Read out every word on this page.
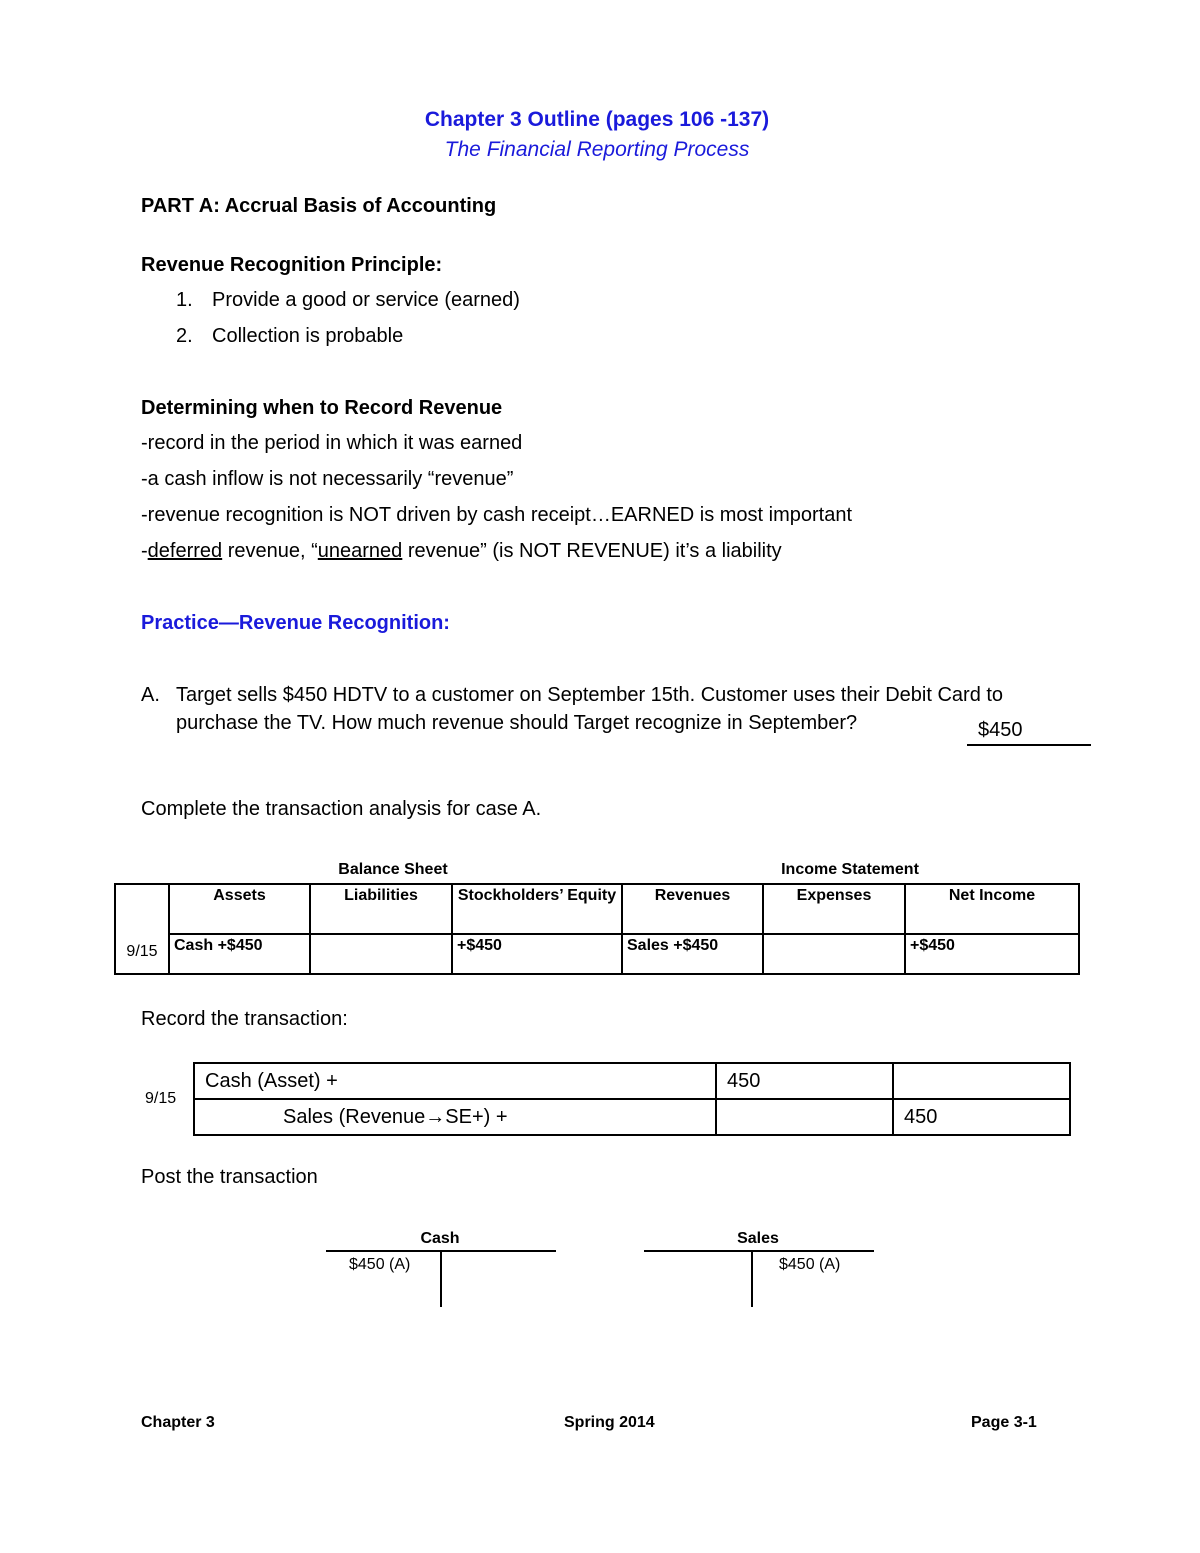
Chapter 3 Outline (pages 106 -137)
The Financial Reporting Process
PART A: Accrual Basis of Accounting
Revenue Recognition Principle:
1. Provide a good or service (earned)
2. Collection is probable
Determining when to Record Revenue
-record in the period in which it was earned
-a cash inflow is not necessarily “revenue”
-revenue recognition is NOT driven by cash receipt…EARNED is most important
-deferred revenue, “unearned revenue” (is NOT REVENUE) it’s a liability
Practice—Revenue Recognition:
A. Target sells $450 HDTV to a customer on September 15th. Customer uses their Debit Card to
purchase the TV. How much revenue should Target recognize in September?	$450
Complete the transaction analysis for case A.
Balance Sheet	Income Statement
9/15	Assets	Liabilities	Stockholders’ Equity	Revenues	Expenses	Net Income
	Cash +$450		+$450	Sales +$450		+$450
Record the transaction:
9/15
Cash (Asset) +	450	
Sales (Revenue→SE+) +		450
Post the transaction
Cash
$450 (A)
Sales
$450 (A)
Chapter 3	Spring 2014	Page 3-1
